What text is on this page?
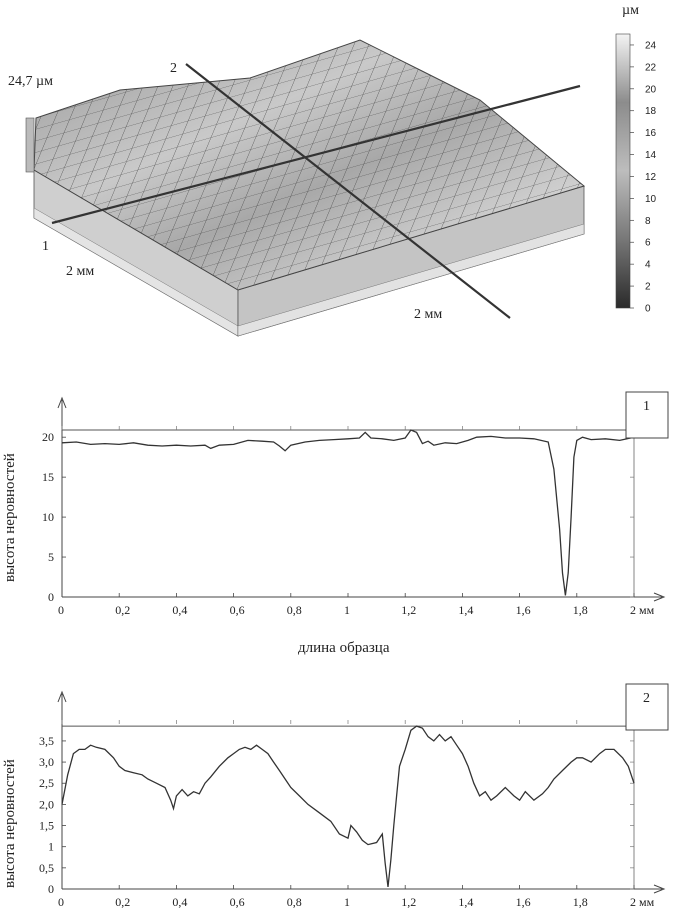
24,7 µм
2 мм
2 мм
1
2
µм
0
2
4
6
8
10
12
14
16
18
20
22
24
0	0,2	0,4	0,6	0,8	1	1,2	1,4	1,6	1,8	2 мм
0
5
10
15
20
1
высота неровностей
длина образца
0	0,2	0,4	0,6	0,8	1	1,2	1,4	1,6	1,8	2 мм
0
0,5
1
1,5
2,0
2,5
3,0
3,5
2
высота неровностей
